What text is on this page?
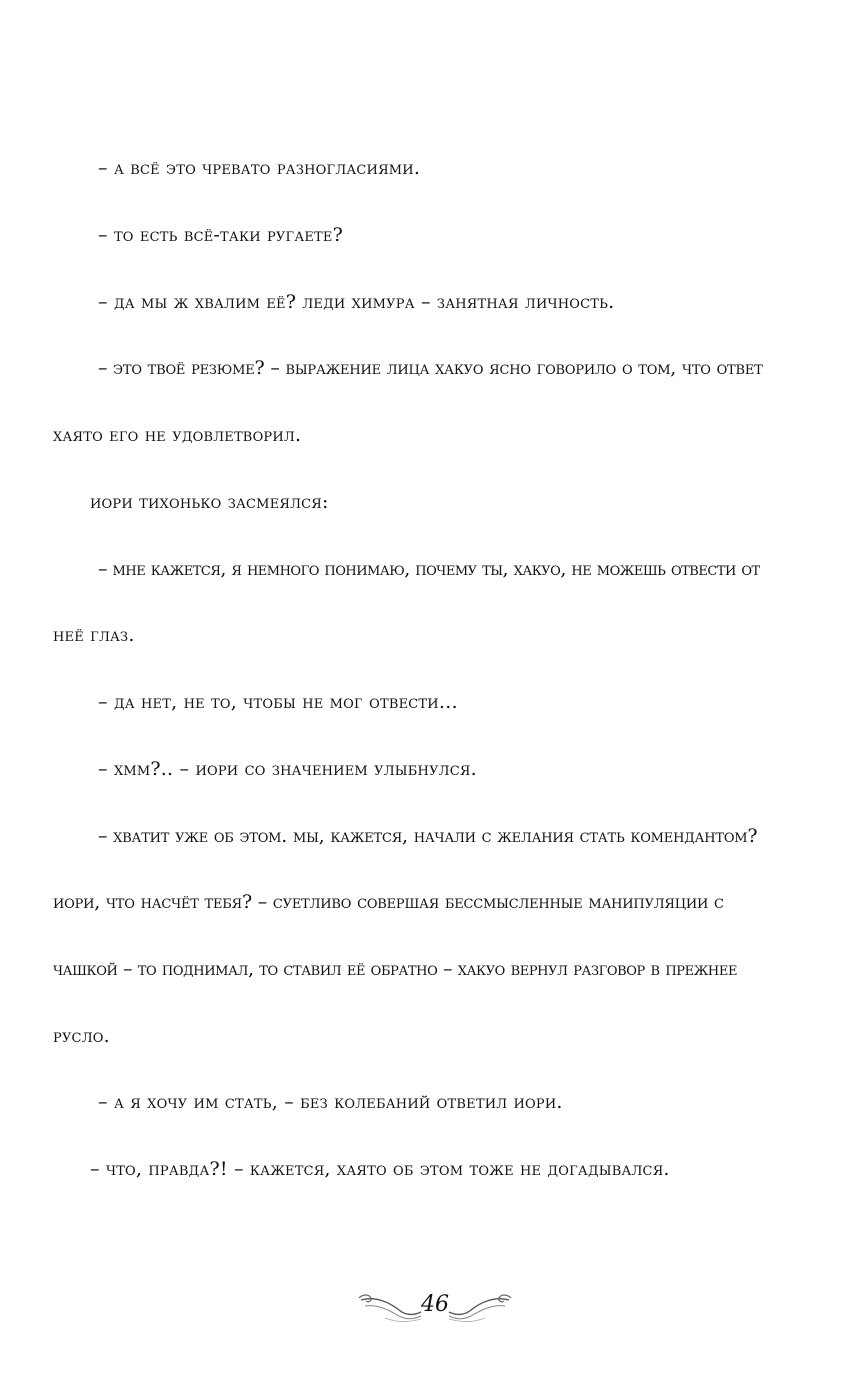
– а всё это чревато разногласиями.
– то есть всё-таки ругаете?
– да мы ж хвалим её? леди химура – занятная личность.
– это твоё резюме? – выражение лица хакуо ясно говорило о том, что ответ
хаято его не удовлетворил.
иори тихонько засмеялся:
– мне кажется, я немного понимаю, почему ты, хакуо, не можешь отвести от
неё глаз.
– да нет, не то, чтобы не мог отвести…
– хмм?.. – иори со значением улыбнулся.
– хватит уже об этом. мы, кажется, начали с желания стать комендантом?
иори, что насчёт тебя? – суетливо совершая бессмысленные манипуляции с
чашкой – то поднимал, то ставил её обратно – хакуо вернул разговор в прежнее
русло.
– а я хочу им стать, – без колебаний ответил иори.
– что, правда?! – кажется, хаято об этом тоже не догадывался.
46
